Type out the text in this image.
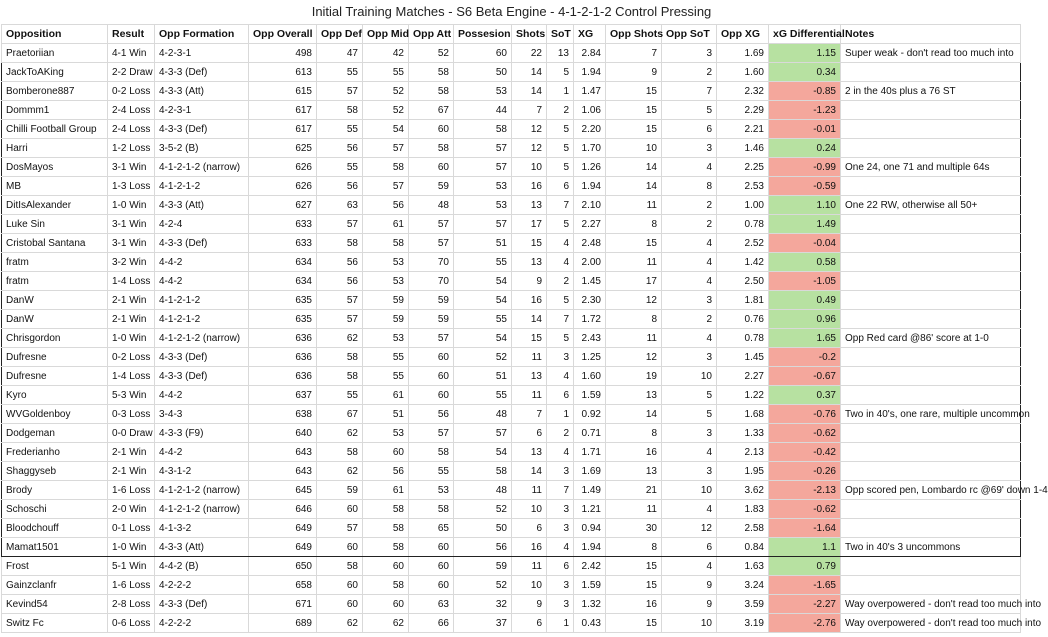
Initial Training Matches - S6 Beta Engine - 4-1-2-1-2 Control Pressing
Opposition	Result	Opp Formation	Opp Overall	Opp Def	Opp Mid	Opp Att	Possesion	Shots	SoT	XG	Opp Shots	Opp SoT	Opp XG	xG Differential	Notes
Praetoriian	4-1 Win	4-2-3-1	498	47	42	52	60	22	13	2.84	7	3	1.69	1.15	Super weak - don't read too much into
JackToAKing	2-2 Draw	4-3-3 (Def)	613	55	55	58	50	14	5	1.94	9	2	1.60	0.34	
Bomberone887	0-2 Loss	4-3-3 (Att)	615	57	52	58	53	14	1	1.47	15	7	2.32	-0.85	2 in the 40s plus a 76 ST
Dommm1	2-4 Loss	4-2-3-1	617	58	52	67	44	7	2	1.06	15	5	2.29	-1.23	
Chilli Football Group	2-4 Loss	4-3-3 (Def)	617	55	54	60	58	12	5	2.20	15	6	2.21	-0.01	
Harri	1-2 Loss	3-5-2 (B)	625	56	57	58	57	12	5	1.70	10	3	1.46	0.24	
DosMayos	3-1 Win	4-1-2-1-2 (narrow)	626	55	58	60	57	10	5	1.26	14	4	2.25	-0.99	One 24, one 71 and multiple 64s
MB	1-3 Loss	4-1-2-1-2	626	56	57	59	53	16	6	1.94	14	8	2.53	-0.59	
DitIsAlexander	1-0 Win	4-3-3 (Att)	627	63	56	48	53	13	7	2.10	11	2	1.00	1.10	One 22 RW, otherwise all 50+
Luke Sin	3-1 Win	4-2-4	633	57	61	57	57	17	5	2.27	8	2	0.78	1.49	
Cristobal Santana	3-1 Win	4-3-3 (Def)	633	58	58	57	51	15	4	2.48	15	4	2.52	-0.04	
fratm	3-2 Win	4-4-2	634	56	53	70	55	13	4	2.00	11	4	1.42	0.58	
fratm	1-4 Loss	4-4-2	634	56	53	70	54	9	2	1.45	17	4	2.50	-1.05	
DanW	2-1 Win	4-1-2-1-2	635	57	59	59	54	16	5	2.30	12	3	1.81	0.49	
DanW	2-1 Win	4-1-2-1-2	635	57	59	59	55	14	7	1.72	8	2	0.76	0.96	
Chrisgordon	1-0 Win	4-1-2-1-2 (narrow)	636	62	53	57	54	15	5	2.43	11	4	0.78	1.65	Opp Red card @86' score at 1-0
Dufresne	0-2 Loss	4-3-3 (Def)	636	58	55	60	52	11	3	1.25	12	3	1.45	-0.2	
Dufresne	1-4 Loss	4-3-3 (Def)	636	58	55	60	51	13	4	1.60	19	10	2.27	-0.67	
Kyro	5-3 Win	4-4-2	637	55	61	60	55	11	6	1.59	13	5	1.22	0.37	
WVGoldenboy	0-3 Loss	3-4-3	638	67	51	56	48	7	1	0.92	14	5	1.68	-0.76	Two in 40's, one rare, multiple uncommon
Dodgeman	0-0 Draw	4-3-3 (F9)	640	62	53	57	57	6	2	0.71	8	3	1.33	-0.62	
Frederianho	2-1 Win	4-4-2	643	58	60	58	54	13	4	1.71	16	4	2.13	-0.42	
Shaggyseb	2-1 Win	4-3-1-2	643	62	56	55	58	14	3	1.69	13	3	1.95	-0.26	
Brody	1-6 Loss	4-1-2-1-2 (narrow)	645	59	61	53	48	11	7	1.49	21	10	3.62	-2.13	Opp scored pen, Lombardo rc @69' down 1-4
Schoschi	2-0 Win	4-1-2-1-2 (narrow)	646	60	58	58	52	10	3	1.21	11	4	1.83	-0.62	
Bloodchouff	0-1 Loss	4-1-3-2	649	57	58	65	50	6	3	0.94	30	12	2.58	-1.64	
Mamat1501	1-0 Win	4-3-3 (Att)	649	60	58	60	56	16	4	1.94	8	6	0.84	1.1	Two in 40's 3 uncommons
Frost	5-1 Win	4-4-2 (B)	650	58	60	60	59	11	6	2.42	15	4	1.63	0.79	
Gainzclanfr	1-6 Loss	4-2-2-2	658	60	58	60	52	10	3	1.59	15	9	3.24	-1.65	
Kevind54	2-8 Loss	4-3-3 (Def)	671	60	60	63	32	9	3	1.32	16	9	3.59	-2.27	Way overpowered - don't read too much into
Switz Fc	0-6 Loss	4-2-2-2	689	62	62	66	37	6	1	0.43	15	10	3.19	-2.76	Way overpowered - don't read too much into
